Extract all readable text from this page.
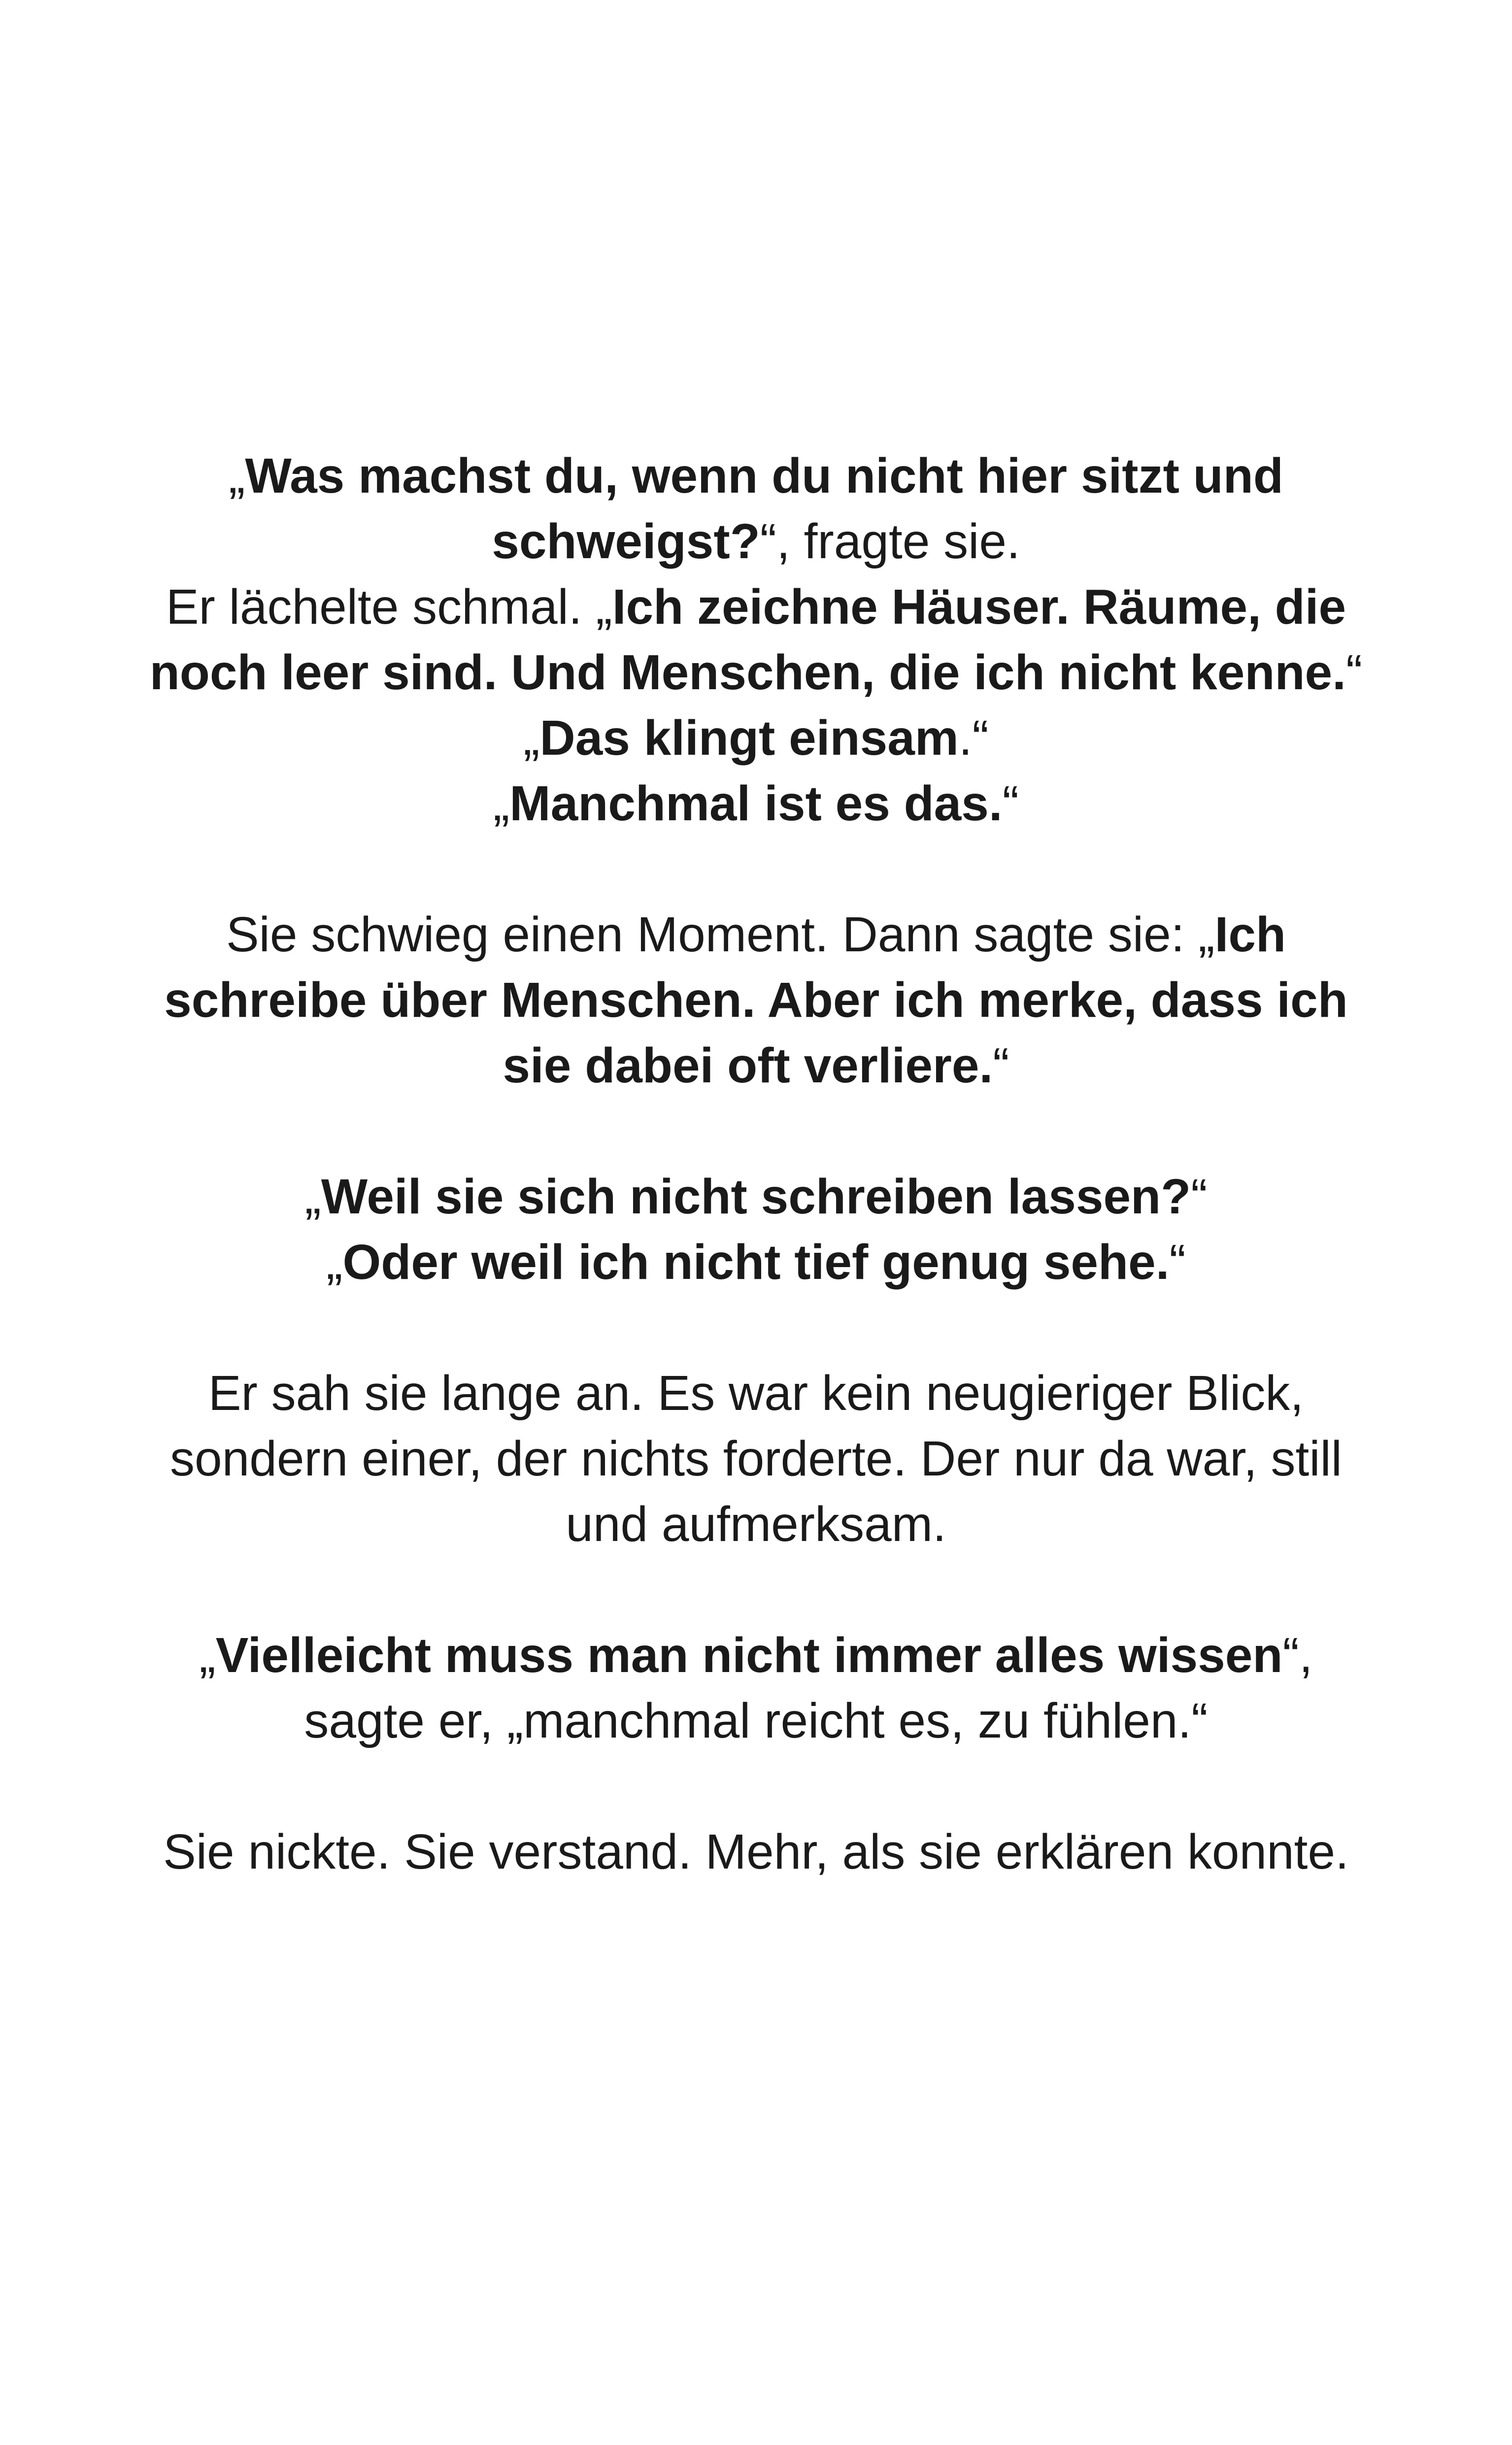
„Was machst du, wenn du nicht hier sitzt und schweigst?“, fragte sie.

Er lächelte schmal. „Ich zeichne Häuser. Räume, die noch leer sind. Und Menschen, die ich nicht kenne.“

„Das klingt einsam.“

„Manchmal ist es das.“

Sie schwieg einen Moment. Dann sagte sie: „Ich schreibe über Menschen. Aber ich merke, dass ich sie dabei oft verliere.“

„Weil sie sich nicht schreiben lassen?“

„Oder weil ich nicht tief genug sehe.“

Er sah sie lange an. Es war kein neugieriger Blick, sondern einer, der nichts forderte. Der nur da war, still und aufmerksam.

„Vielleicht muss man nicht immer alles wissen“, sagte er, „manchmal reicht es, zu fühlen.“

Sie nickte. Sie verstand. Mehr, als sie erklären konnte.
